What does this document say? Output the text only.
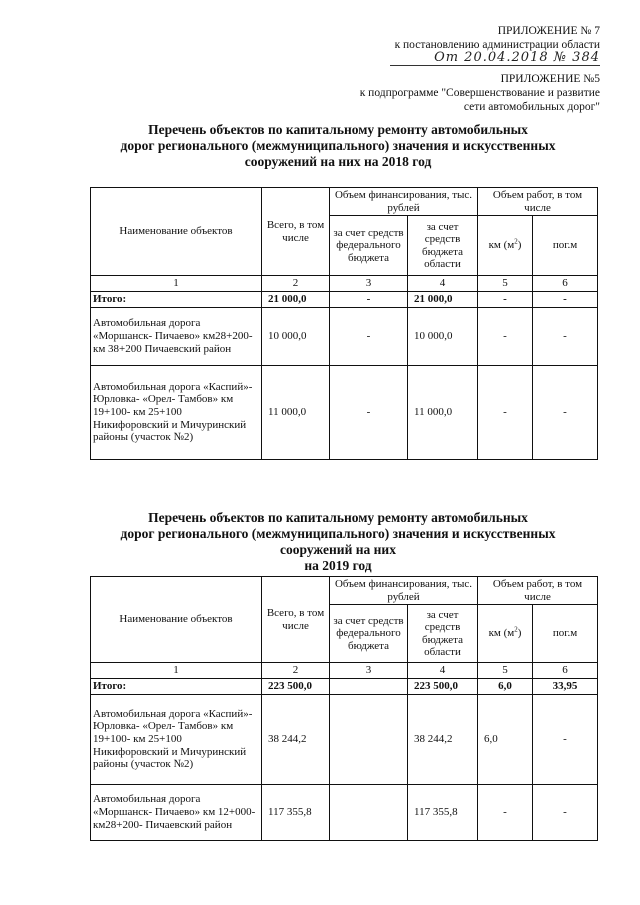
ПРИЛОЖЕНИЕ № 7
к постановлению администрации области
От 20.04.2018 № 384
ПРИЛОЖЕНИЕ №5
к подпрограмме "Совершенствование и развитие
сети автомобильных дорог"
Перечень объектов по капитальному ремонту автомобильных
дорог регионального (межмуниципального) значения и искусственных
сооружений на них на 2018 год
Наименование объектов	Всего, в том числе	Объем финансирования, тыс. рублей		Объем работ, в том числе	
		за счет средств федерального бюджета	за счет средств бюджета области	км $(м^2)$	пог.м
1	2	3	4	5	6
Итого:	21 000,0	-	21 000,0	-	-
Автомобильная дорога «Моршанск- Пичаево» км28+200- км 38+200 Пичаевский район	10 000,0	-	10 000,0	-	-
Автомобильная дорога «Каспий»- Юрловка- «Орел- Тамбов» км 19+100- км 25+100 Никифоровский и Мичуринский районы (участок №2)	11 000,0	-	11 000,0	-	-
Перечень объектов по капитальному ремонту автомобильных
дорог регионального (межмуниципального) значения и искусственных
сооружений на них
на 2019 год
Наименование объектов	Всего, в том числе	Объем финансирования, тыс. рублей		Объем работ, в том числе	
		за счет средств федерального бюджета	за счет средств бюджета области	км $(м^2)$	пог.м
1	2	3	4	5	6
Итого:	223 500,0		223 500,0	6,0	33,95
Автомобильная дорога «Каспий»- Юрловка- «Орел- Тамбов» км 19+100- км 25+100 Никифоровский и Мичуринский районы (участок №2)	38 244,2		38 244,2	6,0	-
Автомобильная дорога «Моршанск- Пичаево» км 12+000-км28+200- Пичаевский район	117 355,8		117 355,8	-	-
